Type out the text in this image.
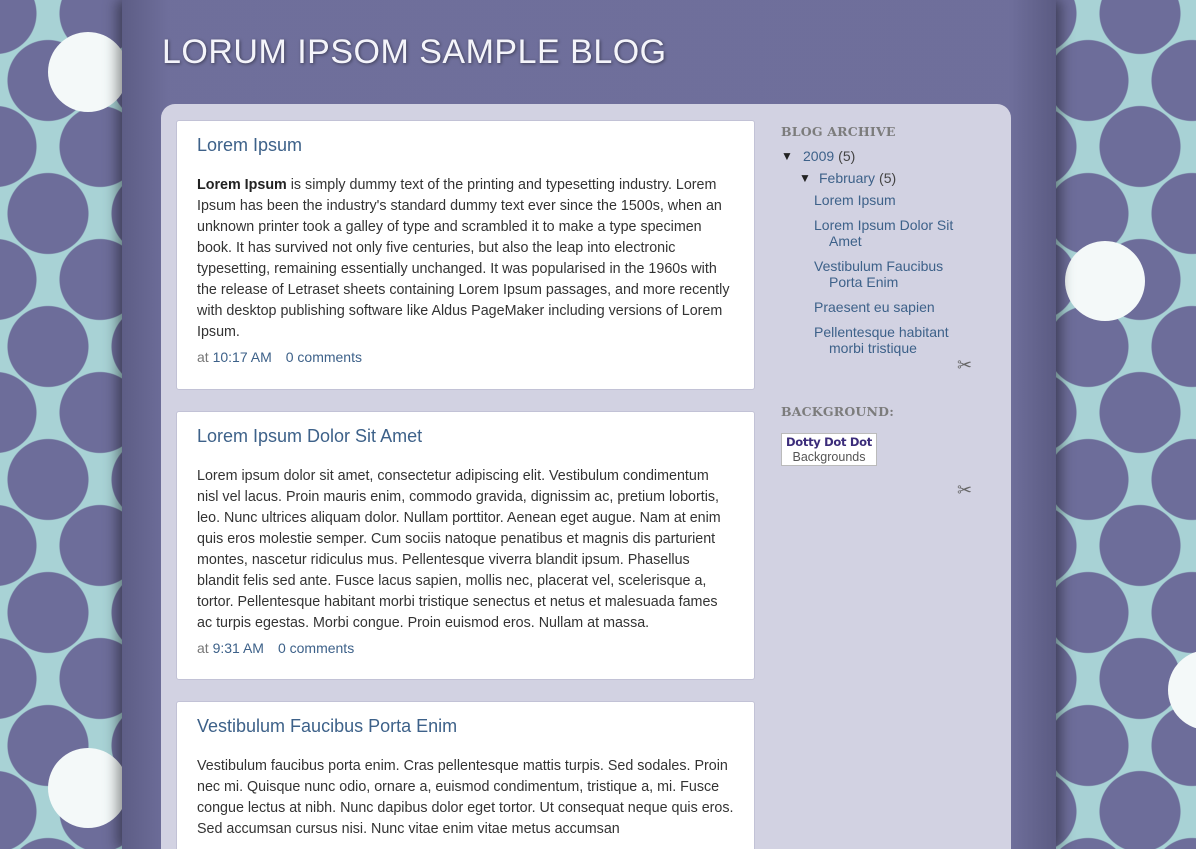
LORUM IPSOM SAMPLE BLOG
Lorem Ipsum
Lorem Ipsum is simply dummy text of the printing and typesetting industry. Lorem Ipsum has been the industry's standard dummy text ever since the 1500s, when an unknown printer took a galley of type and scrambled it to make a type specimen book. It has survived not only five centuries, but also the leap into electronic typesetting, remaining essentially unchanged. It was popularised in the 1960s with the release of Letraset sheets containing Lorem Ipsum passages, and more recently with desktop publishing software like Aldus PageMaker including versions of Lorem Ipsum.
at 10:17 AM 0 comments
Lorem Ipsum Dolor Sit Amet
Lorem ipsum dolor sit amet, consectetur adipiscing elit. Vestibulum condimentum nisl vel lacus. Proin mauris enim, commodo gravida, dignissim ac, pretium lobortis, leo. Nunc ultrices aliquam dolor. Nullam porttitor. Aenean eget augue. Nam at enim quis eros molestie semper. Cum sociis natoque penatibus et magnis dis parturient montes, nascetur ridiculus mus. Pellentesque viverra blandit ipsum. Phasellus blandit felis sed ante. Fusce lacus sapien, mollis nec, placerat vel, scelerisque a, tortor. Pellentesque habitant morbi tristique senectus et netus et malesuada fames ac turpis egestas. Morbi congue. Proin euismod eros. Nullam at massa.
at 9:31 AM 0 comments
Vestibulum Faucibus Porta Enim
Vestibulum faucibus porta enim. Cras pellentesque mattis turpis. Sed sodales. Proin nec mi. Quisque nunc odio, ornare a, euismod condimentum, tristique a, mi. Fusce congue lectus at nibh. Nunc dapibus dolor eget tortor. Ut consequat neque quis eros. Sed accumsan cursus nisi. Nunc vitae enim vitae metus accumsan
BLOG ARCHIVE
▼ 2009 (5)
▼ February (5)
Lorem Ipsum
Lorem Ipsum Dolor Sit Amet
Vestibulum Faucibus Porta Enim
Praesent eu sapien
Pellentesque habitant morbi tristique
✂
BACKGROUND:
Dotty Dot Dot
Backgrounds
✂
